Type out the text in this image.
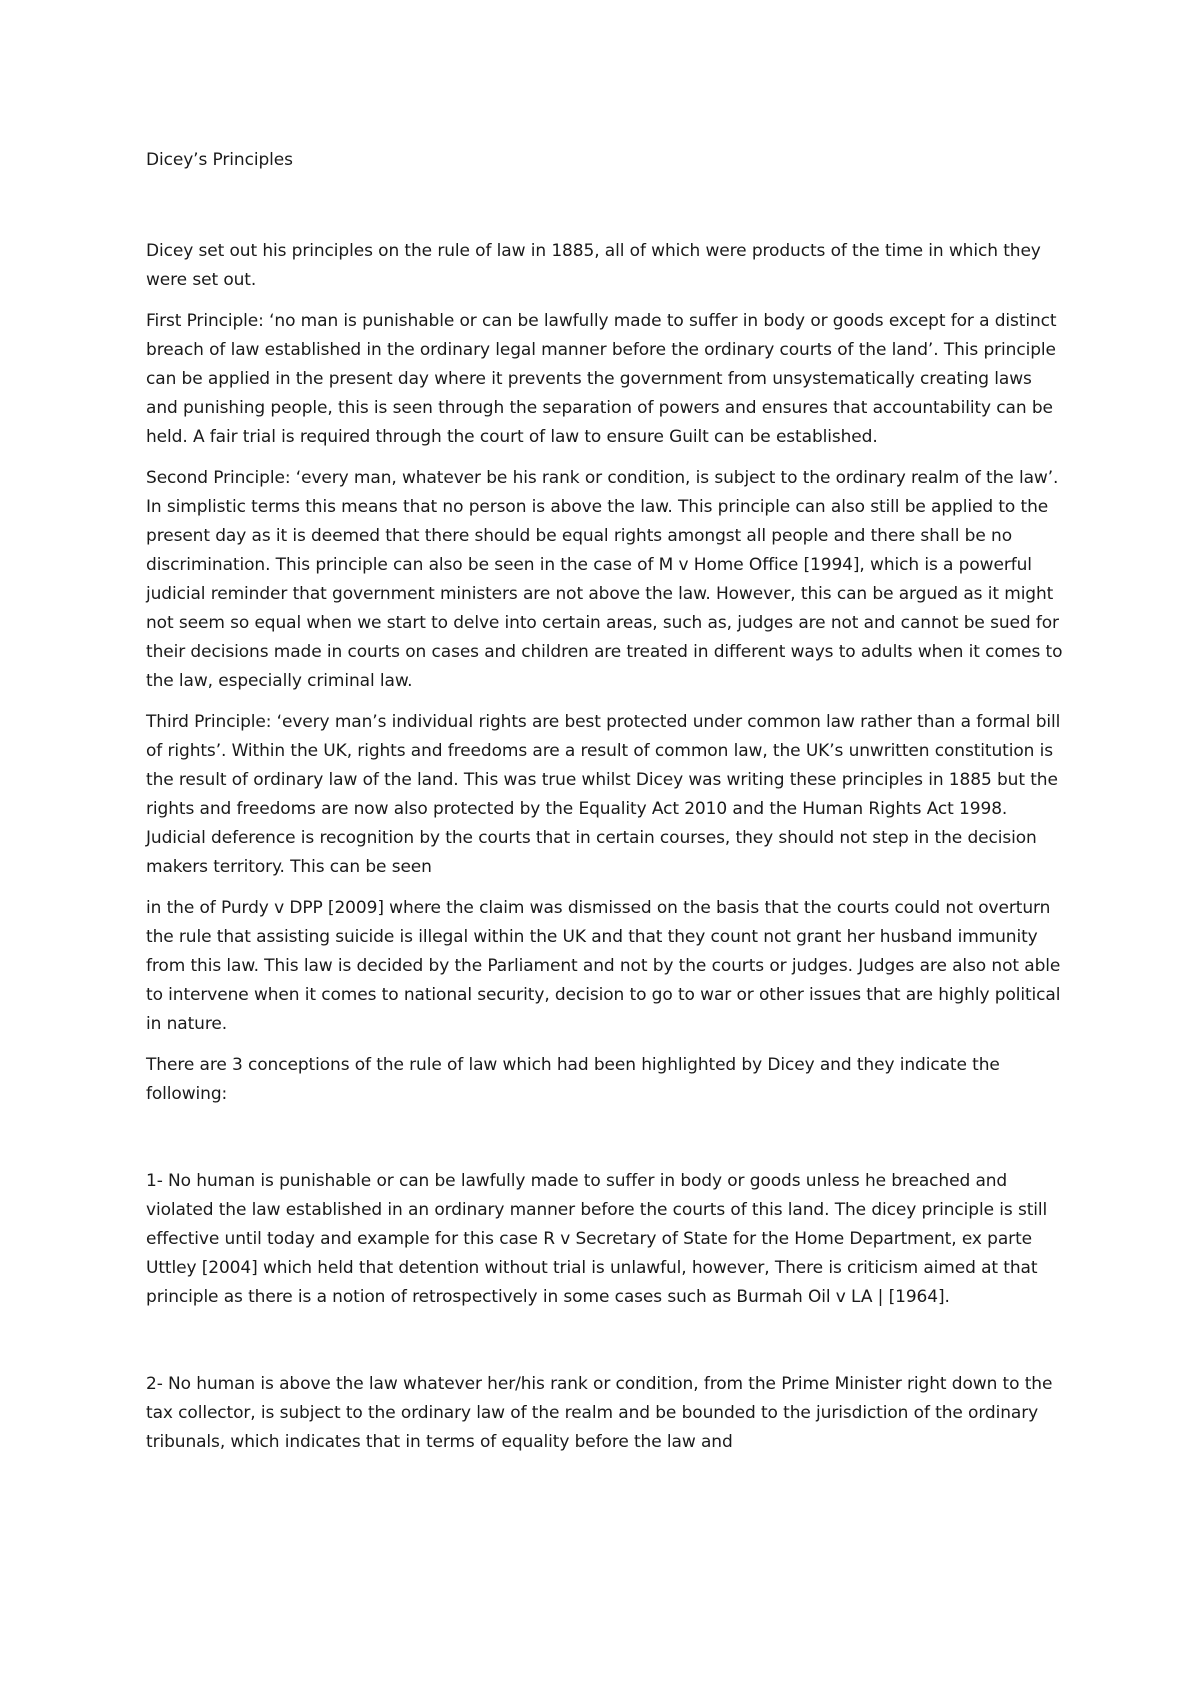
Dicey’s Principles

Dicey set out his principles on the rule of law in 1885, all of which were products of the time in which they were set out.

First Principle: ‘no man is punishable or can be lawfully made to suffer in body or goods except for a distinct breach of law established in the ordinary legal manner before the ordinary courts of the land’. This principle can be applied in the present day where it prevents the government from unsystematically creating laws and punishing people, this is seen through the separation of powers and ensures that accountability can be held. A fair trial is required through the court of law to ensure Guilt can be established.

Second Principle: ‘every man, whatever be his rank or condition, is subject to the ordinary realm of the law’. In simplistic terms this means that no person is above the law. This principle can also still be applied to the present day as it is deemed that there should be equal rights amongst all people and there shall be no discrimination. This principle can also be seen in the case of M v Home Office [1994], which is a powerful judicial reminder that government ministers are not above the law. However, this can be argued as it might not seem so equal when we start to delve into certain areas, such as, judges are not and cannot be sued for their decisions made in courts on cases and children are treated in different ways to adults when it comes to the law, especially criminal law.

Third Principle: ‘every man’s individual rights are best protected under common law rather than a formal bill of rights’. Within the UK, rights and freedoms are a result of common law, the UK’s unwritten constitution is the result of ordinary law of the land. This was true whilst Dicey was writing these principles in 1885 but the rights and freedoms are now also protected by the Equality Act 2010 and the Human Rights Act 1998. Judicial deference is recognition by the courts that in certain courses, they should not step in the decision makers territory. This can be seen

in the of Purdy v DPP [2009] where the claim was dismissed on the basis that the courts could not overturn the rule that assisting suicide is illegal within the UK and that they count not grant her husband immunity from this law. This law is decided by the Parliament and not by the courts or judges. Judges are also not able to intervene when it comes to national security, decision to go to war or other issues that are highly political in nature.

There are 3 conceptions of the rule of law which had been highlighted by Dicey and they indicate the following:

1- No human is punishable or can be lawfully made to suffer in body or goods unless he breached and violated the law established in an ordinary manner before the courts of this land. The dicey principle is still effective until today and example for this case R v Secretary of State for the Home Department, ex parte Uttley [2004] which held that detention without trial is unlawful, however, There is criticism aimed at that principle as there is a notion of retrospectively in some cases such as Burmah Oil v LA | [1964].

2- No human is above the law whatever her/his rank or condition, from the Prime Minister right down to the tax collector, is subject to the ordinary law of the realm and be bounded to the jurisdiction of the ordinary tribunals, which indicates that in terms of equality before the law and
